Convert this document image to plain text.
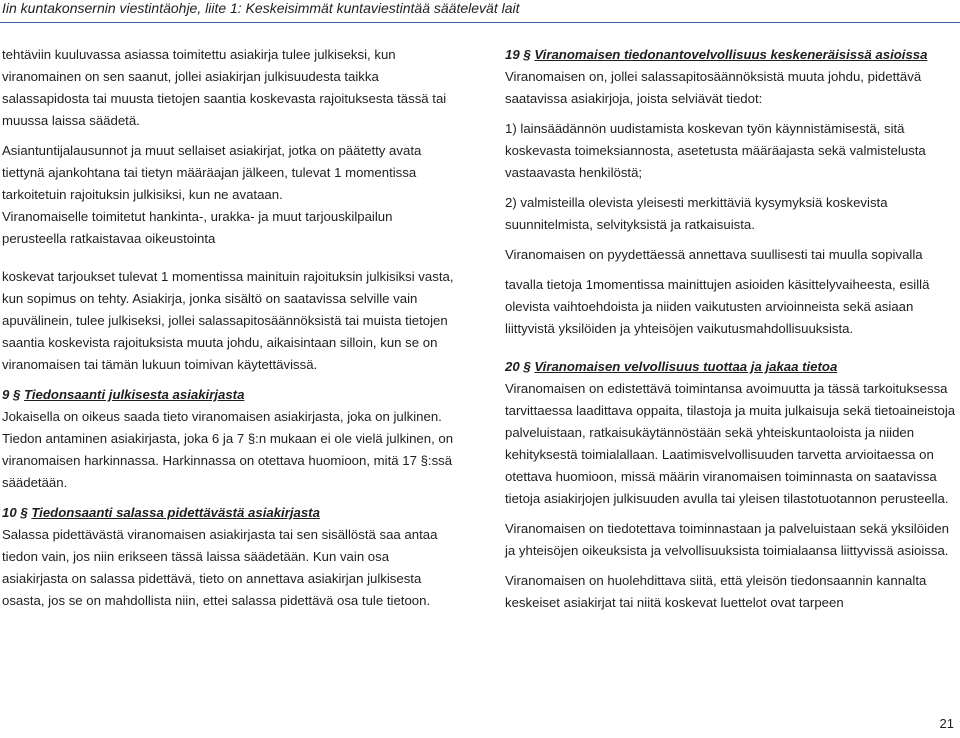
Iin kuntakonsernin viestintäohje, liite 1: Keskeisimmät kuntaviestintää säätelevät lait

tehtäviin kuuluvassa asiassa toimitettu asiakirja tulee julkiseksi, kun viranomainen on sen saanut, jollei asiakirjan julkisuudesta taikka salassapidosta tai muusta tietojen saantia koskevasta rajoituksesta tässä tai muussa laissa säädetä.

Asiantuntijalausunnot ja muut sellaiset asiakirjat, jotka on päätetty avata tiettynä ajankohtana tai tietyn määräajan jälkeen, tulevat 1 momentissa tarkoitetuin rajoituksin julkisiksi, kun ne avataan.

Viranomaiselle toimitetut hankinta-, urakka- ja muut tarjouskilpailun perusteella ratkaistavaa oikeustointa

koskevat tarjoukset tulevat 1 momentissa mainituin rajoituksin julkisiksi vasta, kun sopimus on tehty. Asiakirja, jonka sisältö on saatavissa selville vain apuvälinein, tulee julkiseksi, jollei salassapitosäännöksistä tai muista tietojen saantia koskevista rajoituksista muuta johdu, aikaisintaan silloin, kun se on viranomaisen tai tämän lukuun toimivan käytettävissä.

9 § Tiedonsaanti julkisesta asiakirjasta

Jokaisella on oikeus saada tieto viranomaisen asiakirjasta, joka on julkinen. Tiedon antaminen asiakirjasta, joka 6 ja 7 §:n mukaan ei ole vielä julkinen, on viranomaisen harkinnassa. Harkinnassa on otettava huomioon, mitä 17 §:ssä säädetään.

10 § Tiedonsaanti salassa pidettävästä asiakirjasta

Salassa pidettävästä viranomaisen asiakirjasta tai sen sisällöstä saa antaa tiedon vain, jos niin erikseen tässä laissa säädetään. Kun vain osa asiakirjasta on salassa pidettävä, tieto on annettava asiakirjan julkisesta osasta, jos se on mahdollista niin, ettei salassa pidettävä osa tule tietoon.

19 § Viranomaisen tiedonantovelvollisuus keskeneräisissä asioissa

Viranomaisen on, jollei salassapitosäännöksistä muuta johdu, pidettävä saatavissa asiakirjoja, joista selviävät tiedot:

1) lainsäädännön uudistamista koskevan työn käynnistämisestä, sitä koskevasta toimeksiannosta, asetetusta määräajasta sekä valmistelusta vastaavasta henkilöstä;

2) valmisteilla olevista yleisesti merkittäviä kysymyksiä koskevista suunnitelmista, selvityksistä ja ratkaisuista.

Viranomaisen on pyydettäessä annettava suullisesti tai muulla sopivalla

tavalla tietoja 1momentissa mainittujen asioiden käsittelyvaiheesta, esillä olevista vaihtoehdoista ja niiden vaikutusten arvioinneista sekä asiaan liittyvistä yksilöiden ja yhteisöjen vaikutusmahdollisuuksista.

20 § Viranomaisen velvollisuus tuottaa ja jakaa tietoa

Viranomaisen on edistettävä toimintansa avoimuutta ja tässä tarkoituksessa tarvittaessa laadittava oppaita, tilastoja ja muita julkaisuja sekä tietoaineistoja palveluistaan, ratkaisukäytännöstään sekä yhteiskuntaoloista ja niiden kehityksestä toimialallaan. Laatimisvelvollisuuden tarvetta arvioitaessa on otettava huomioon, missä määrin viranomaisen toiminnasta on saatavissa tietoja asiakirjojen julkisuuden avulla tai yleisen tilastotuotannon perusteella.

Viranomaisen on tiedotettava toiminnastaan ja palveluistaan sekä yksilöiden ja yhteisöjen oikeuksista ja velvollisuuksista toimialaansa liittyvissä asioissa.

Viranomaisen on huolehdittava siitä, että yleisön tiedonsaannin kannalta keskeiset asiakirjat tai niitä koskevat luettelot ovat tarpeen

21
